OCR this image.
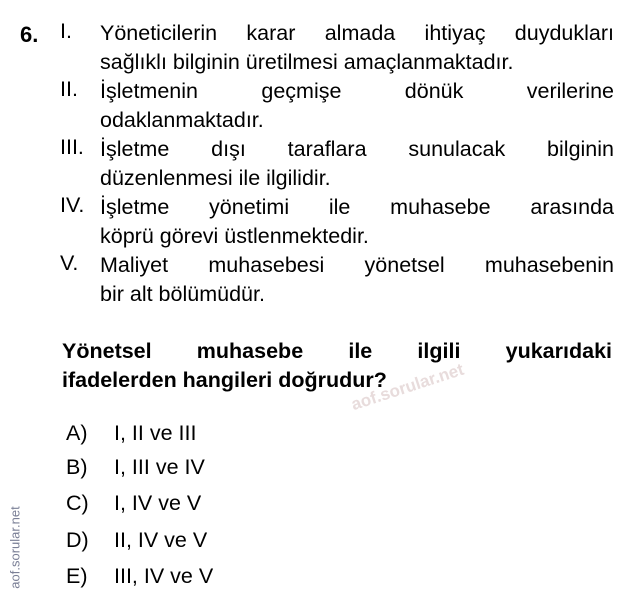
6. I. Yöneticilerin karar almada ihtiyaç duydukları
sağlıklı bilginin üretilmesi amaçlanmaktadır.
II. İşletmenin geçmişe dönük verilerine
odaklanmaktadır.
III. İşletme dışı taraflara sunulacak bilginin
düzenlenmesi ile ilgilidir.
IV. İşletme yönetimi ile muhasebe arasında
köprü görevi üstlenmektedir.
V. Maliyet muhasebesi yönetsel muhasebenin
bir alt bölümüdür.
Yönetsel muhasebe ile ilgili yukarıdaki
ifadelerden hangileri doğrudur?
A) I, II ve III
B) I, III ve IV
C) I, IV ve V
D) II, IV ve V
E) III, IV ve V
aof.sorular.net
aof.sorular.net
